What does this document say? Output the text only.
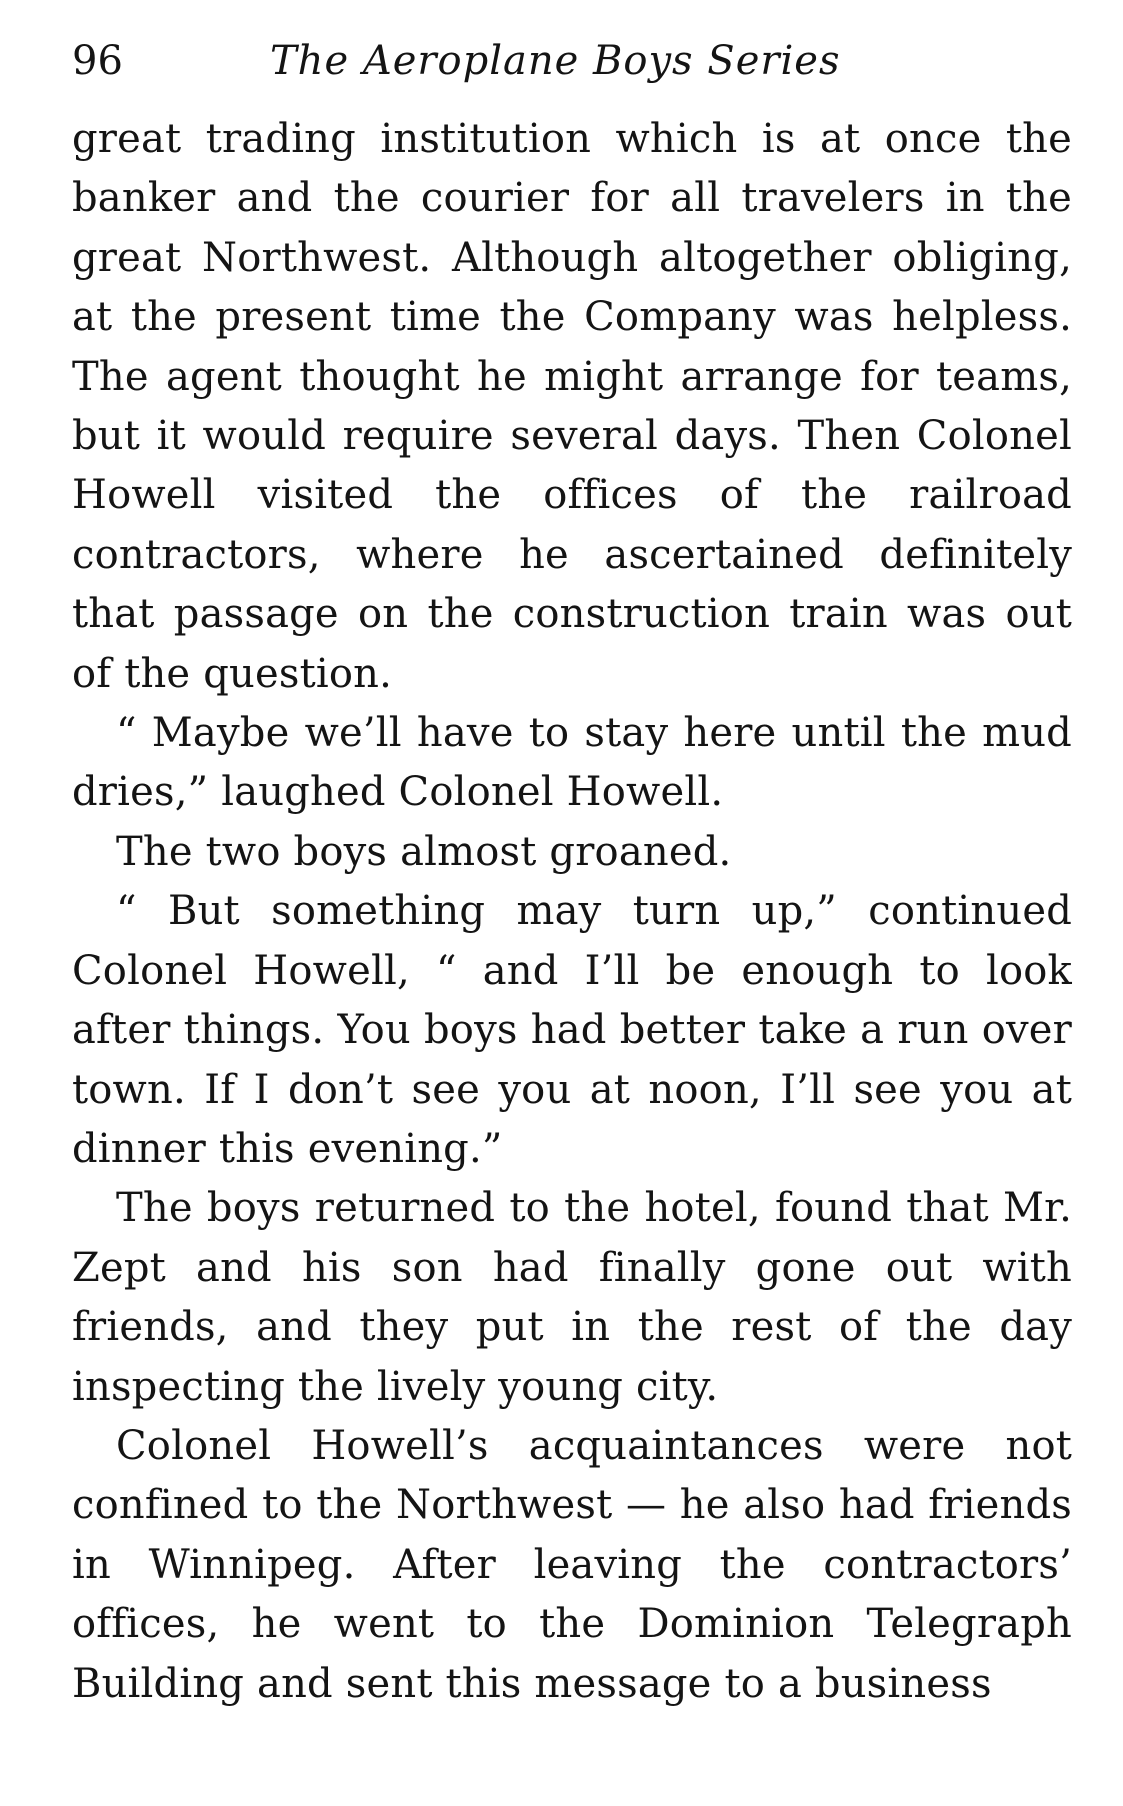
96	The Aeroplane Boys Series

great trading institution which is at once the banker and the courier for all travelers in the great Northwest. Although altogether obliging, at the present time the Company was helpless. The agent thought he might arrange for teams, but it would require several days. Then Colonel Howell visited the offices of the railroad contractors, where he ascertained definitely that passage on the construction train was out of the question.

“ Maybe we’ll have to stay here until the mud dries,” laughed Colonel Howell.

The two boys almost groaned.

“ But something may turn up,” continued Colonel Howell, “ and I’ll be enough to look after things. You boys had better take a run over town. If I don’t see you at noon, I’ll see you at dinner this evening.”

The boys returned to the hotel, found that Mr. Zept and his son had finally gone out with friends, and they put in the rest of the day inspecting the lively young city.

Colonel Howell’s acquaintances were not confined to the Northwest — he also had friends in Winnipeg. After leaving the contractors’ offices, he went to the Dominion Telegraph Building and sent this message to a business
